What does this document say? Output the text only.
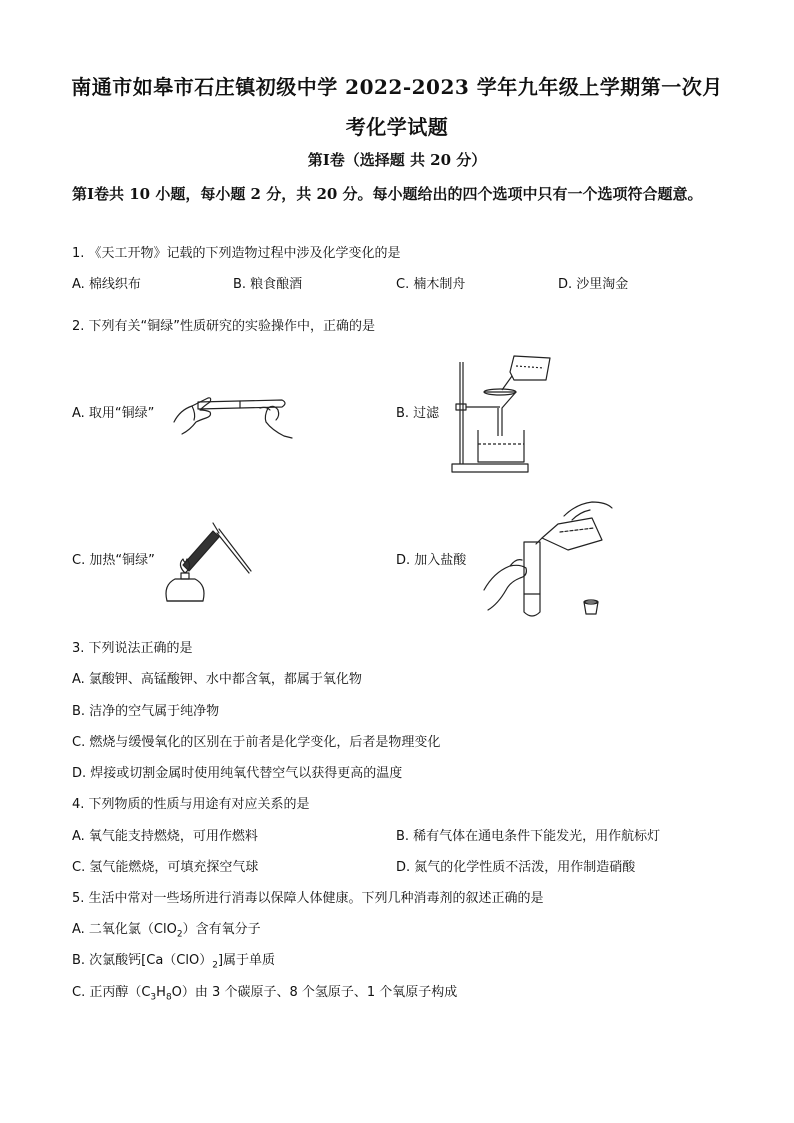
南通市如皋市石庄镇初级中学 2022-2023 学年九年级上学期第一次月
考化学试题
第Ⅰ卷（选择题 共 20 分）
第Ⅰ卷共 10 小题，每小题 2 分，共 20 分。每小题给出的四个选项中只有一个选项符合题意。
1. 《天工开物》记载的下列造物过程中涉及化学变化的是
A. 棉线织布	B. 粮食酿酒	C. 楠木制舟	D. 沙里淘金
2. 下列有关“铜绿”性质研究的实验操作中，正确的是
A. 取用“铜绿”	B. 过滤
C. 加热“铜绿”	D. 加入盐酸
3. 下列说法正确的是
A. 氯酸钾、高锰酸钾、水中都含氧，都属于氧化物
B. 洁净的空气属于纯净物
C. 燃烧与缓慢氧化的区别在于前者是化学变化，后者是物理变化
D. 焊接或切割金属时使用纯氧代替空气以获得更高的温度
4. 下列物质的性质与用途有对应关系的是
A. 氧气能支持燃烧，可用作燃料	B. 稀有气体在通电条件下能发光，用作航标灯
C. 氢气能燃烧，可填充探空气球	D. 氮气的化学性质不活泼，用作制造硝酸
5. 生活中常对一些场所进行消毒以保障人体健康。下列几种消毒剂的叙述正确的是
A. 二氧化氯（ClO$_2$）含有氧分子
B. 次氯酸钙$[Ca(ClO)_2]$属于单质
C. 正丙醇$(C_3H_8O)$由 3 个碳原子、8 个氢原子、1 个氧原子构成
